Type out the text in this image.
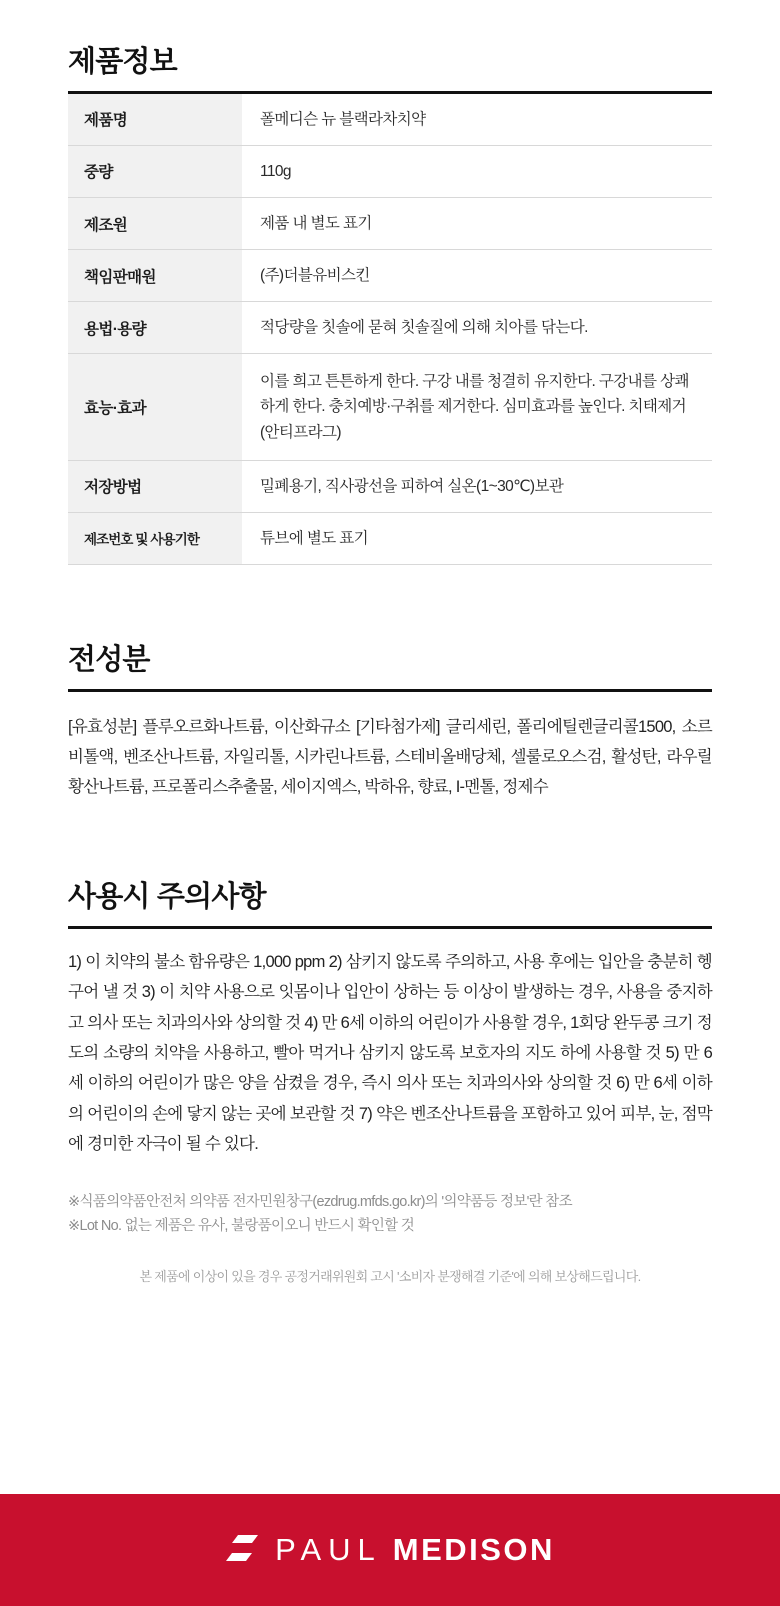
제품정보
제품명	폴메디슨 뉴 블랙라차치약
중량	110g
제조원	제품 내 별도 표기
책임판매원	(주)더블유비스킨
용법·용량	적당량을 칫솔에 묻혀 칫솔질에 의해 치아를 닦는다.
효능·효과	이를 희고 튼튼하게 한다. 구강 내를 청결히 유지한다. 구강내를 상쾌하게 한다. 충치예방·구취를 제거한다. 심미효과를 높인다. 치태제거(안티프라그)
저장방법	밀폐용기, 직사광선을 피하여 실온(1~30℃)보관
제조번호 및 사용기한	튜브에 별도 표기
전성분

[유효성분] 플루오르화나트륨, 이산화규소 [기타첨가제] 글리세린, 폴리에틸렌글리콜1500, 소르비톨액, 벤조산나트륨, 자일리톨, 시카린나트륨, 스테비올배당체, 셀룰로오스검, 활성탄, 라우릴황산나트륨, 프로폴리스추출물, 세이지엑스, 박하유, 향료, I-멘톨, 정제수

사용시 주의사항

1) 이 치약의 불소 함유량은 1,000 ppm 2) 삼키지 않도록 주의하고, 사용 후에는 입안을 충분히 헹구어 낼 것 3) 이 치약 사용으로 잇몸이나 입안이 상하는 등 이상이 발생하는 경우, 사용을 중지하고 의사 또는 치과의사와 상의할 것 4) 만 6세 이하의 어린이가 사용할 경우, 1회당 완두콩 크기 정도의 소량의 치약을 사용하고, 빨아 먹거나 삼키지 않도록 보호자의 지도 하에 사용할 것 5) 만 6세 이하의 어린이가 많은 양을 삼켰을 경우, 즉시 의사 또는 치과의사와 상의할 것 6) 만 6세 이하의 어린이의 손에 닿지 않는 곳에 보관할 것 7) 약은 벤조산나트륨을 포함하고 있어 피부, 눈, 점막에 경미한 자극이 될 수 있다.

※식품의약품안전처 의약품 전자민원창구(ezdrug.mfds.go.kr)의 '의약품등 정보'란 참조
※Lot No. 없는 제품은 유사, 불랑품이오니 반드시 확인할 것

본 제품에 이상이 있을 경우 공정거래위원회 고시 '소비자 분쟁해결 기준'에 의해 보상해드립니다.

PAUL MEDISON
